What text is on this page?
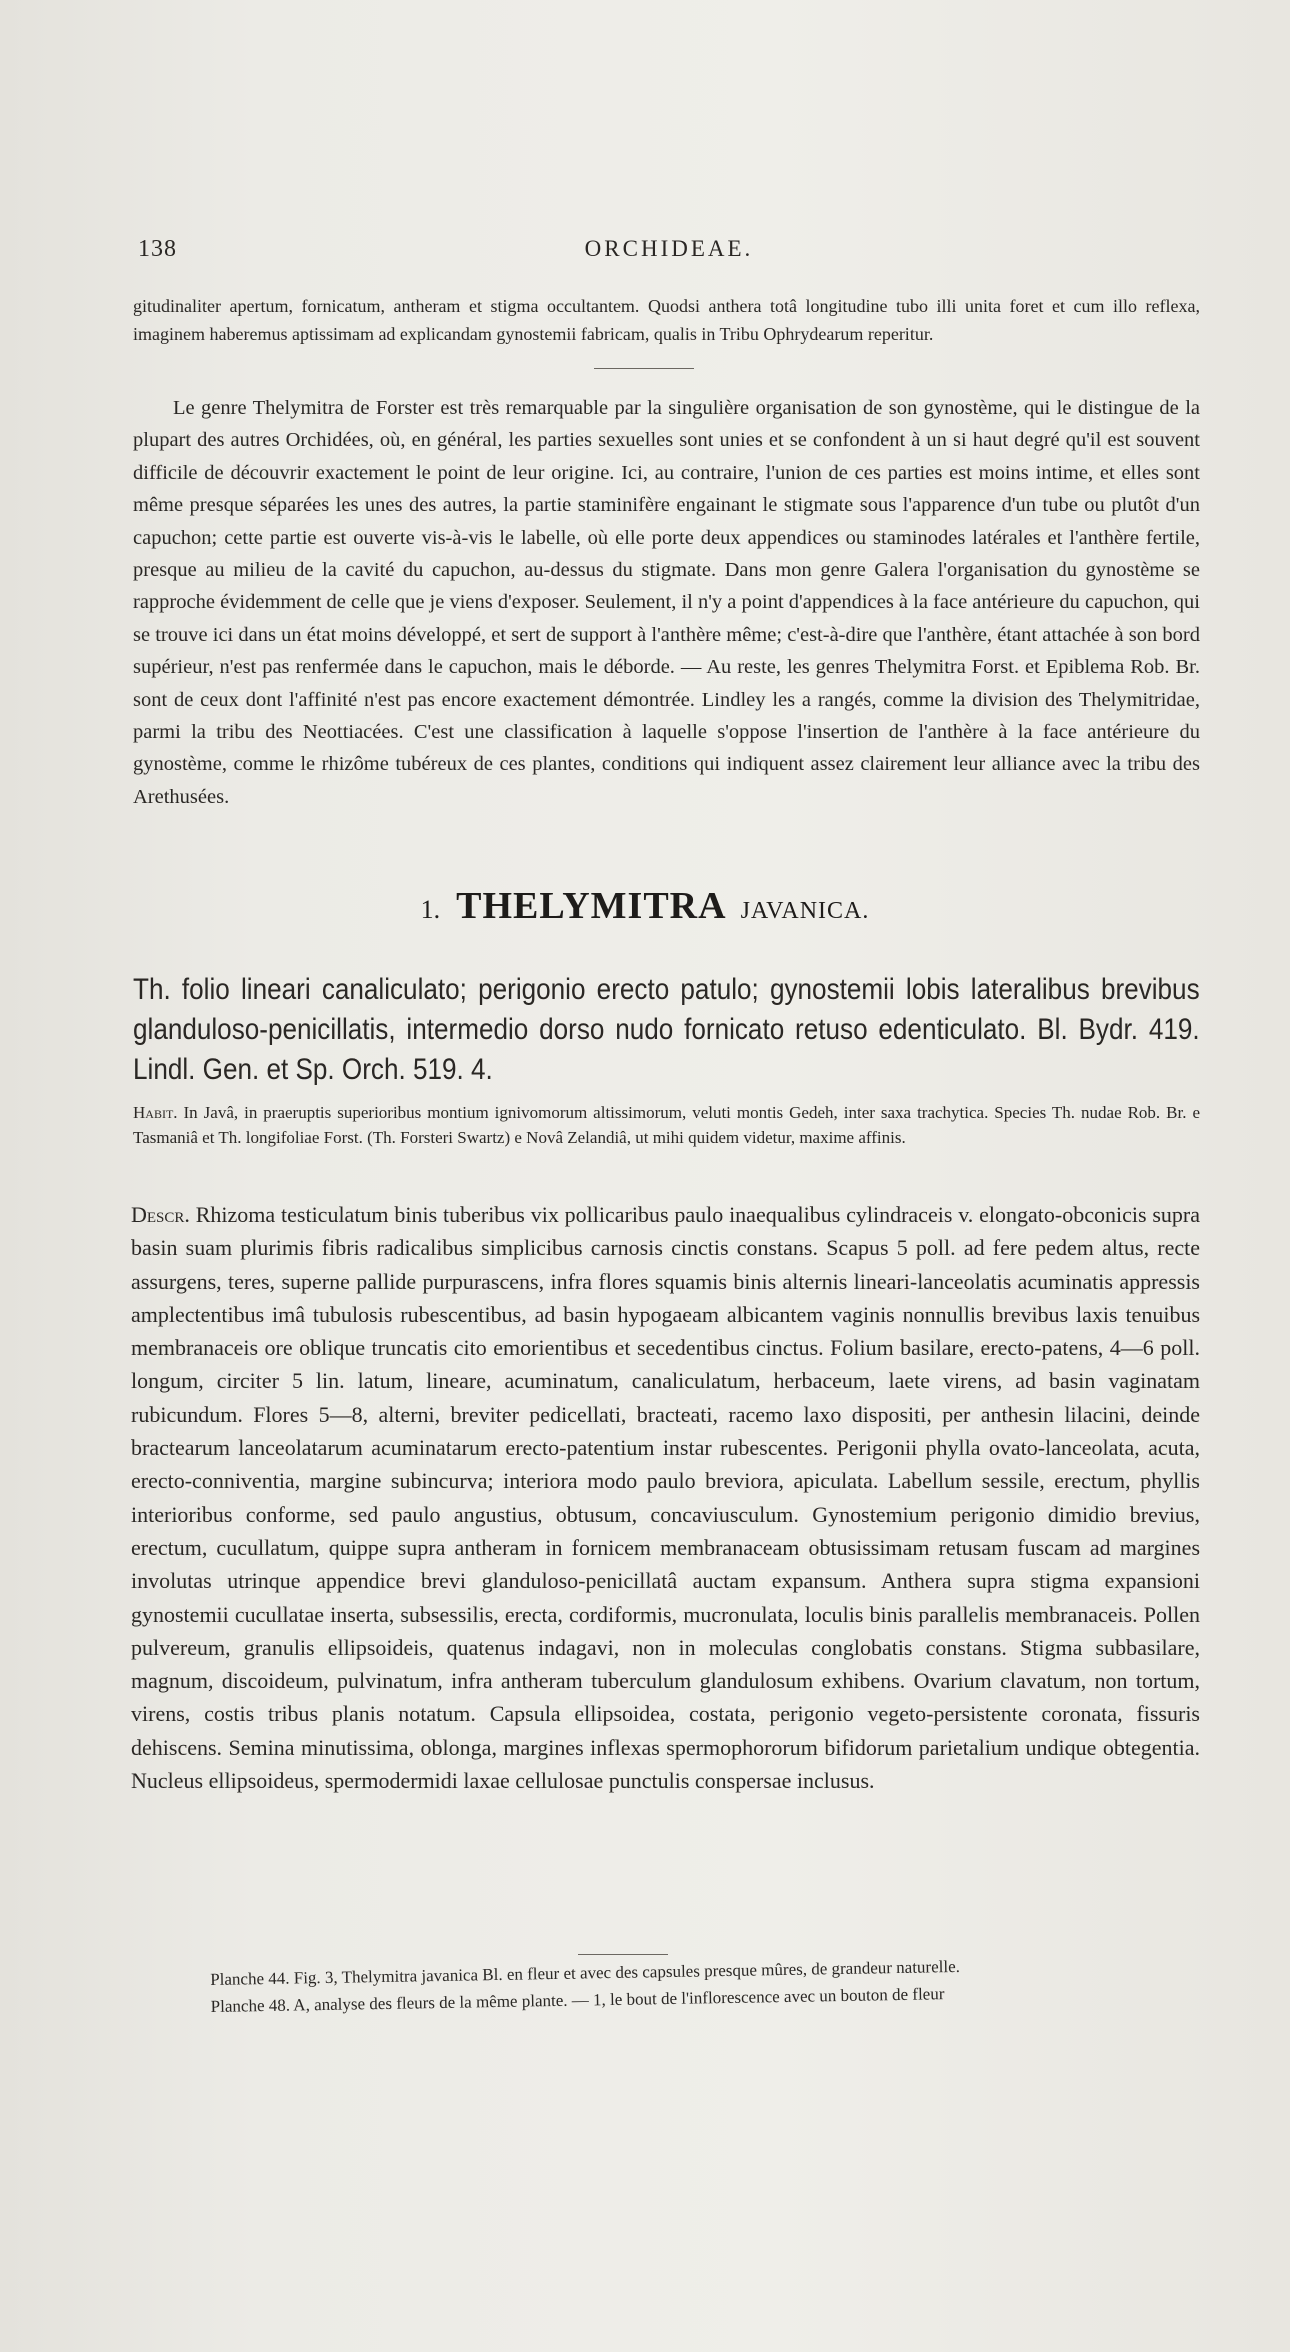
138	ORCHIDEAE.
gitudinaliter apertum, fornicatum, antheram et stigma occultantem. Quodsi anthera totâ longitudine tubo illi unita foret et cum illo reflexa, imaginem haberemus aptissimam ad explicandam gynostemii fabricam, qualis in Tribu Ophrydearum reperitur.

Le genre Thelymitra de Forster est très remarquable par la singulière organisation de son gynostème, qui le distingue de la plupart des autres Orchidées, où, en général, les parties sexuelles sont unies et se confondent à un si haut degré qu'il est souvent difficile de découvrir exactement le point de leur origine. Ici, au contraire, l'union de ces parties est moins intime, et elles sont même presque séparées les unes des autres, la partie staminifère engainant le stigmate sous l'apparence d'un tube ou plutôt d'un capuchon; cette partie est ouverte vis-à-vis le labelle, où elle porte deux appendices ou staminodes latérales et l'anthère fertile, presque au milieu de la cavité du capuchon, au-dessus du stigmate. Dans mon genre Galera l'organisation du gynostème se rapproche évidemment de celle que je viens d'exposer. Seulement, il n'y a point d'appendices à la face antérieure du capuchon, qui se trouve ici dans un état moins développé, et sert de support à l'anthère même; c'est-à-dire que l'anthère, étant attachée à son bord supérieur, n'est pas renfermée dans le capuchon, mais le déborde. — Au reste, les genres Thelymitra Forst. et Epiblema Rob. Br. sont de ceux dont l'affinité n'est pas encore exactement démontrée. Lindley les a rangés, comme la division des Thelymitridae, parmi la tribu des Neottiacées. C'est une classification à laquelle s'oppose l'insertion de l'anthère à la face antérieure du gynostème, comme le rhizôme tubéreux de ces plantes, conditions qui indiquent assez clairement leur alliance avec la tribu des Arethusées.

1. THELYMITRA JAVANICA.
Th. folio lineari canaliculato; perigonio erecto patulo; gynostemii lobis lateralibus brevibus glanduloso-penicillatis, intermedio dorso nudo fornicato retuso edenticulato. Bl. Bydr. 419. Lindl. Gen. et Sp. Orch. 519. 4.
Habit. In Javâ, in praeruptis superioribus montium ignivomorum altissimorum, veluti montis Gedeh, inter saxa trachytica. Species Th. nudae Rob. Br. e Tasmaniâ et Th. longifoliae Forst. (Th. Forsteri Swartz) e Novâ Zelandiâ, ut mihi quidem videtur, maxime affinis.
Descr. Rhizoma testiculatum binis tuberibus vix pollicaribus paulo inaequalibus cylindraceis v. elongato-obconicis supra basin suam plurimis fibris radicalibus simplicibus carnosis cinctis constans. Scapus 5 poll. ad fere pedem altus, recte assurgens, teres, superne pallide purpurascens, infra flores squamis binis alternis lineari-lanceolatis acuminatis appressis amplectentibus imâ tubulosis rubescentibus, ad basin hypogaeam albicantem vaginis nonnullis brevibus laxis tenuibus membranaceis ore oblique truncatis cito emorientibus et secedentibus cinctus. Folium basilare, erecto-patens, 4—6 poll. longum, circiter 5 lin. latum, lineare, acuminatum, canaliculatum, herbaceum, laete virens, ad basin vaginatam rubicundum. Flores 5—8, alterni, breviter pedicellati, bracteati, racemo laxo dispositi, per anthesin lilacini, deinde bractearum lanceolatarum acuminatarum erecto-patentium instar rubescentes. Perigonii phylla ovato-lanceolata, acuta, erecto-conniventia, margine subincurva; interiora modo paulo breviora, apiculata. Labellum sessile, erectum, phyllis interioribus conforme, sed paulo angustius, obtusum, concaviusculum. Gynostemium perigonio dimidio brevius, erectum, cucullatum, quippe supra antheram in fornicem membranaceam obtusissimam retusam fuscam ad margines involutas utrinque appendice brevi glanduloso-penicillatâ auctam expansum. Anthera supra stigma expansioni gynostemii cucullatae inserta, subsessilis, erecta, cordiformis, mucronulata, loculis binis parallelis membranaceis. Pollen pulvereum, granulis ellipsoideis, quatenus indagavi, non in moleculas conglobatis constans. Stigma subbasilare, magnum, discoideum, pulvinatum, infra antheram tuberculum glandulosum exhibens. Ovarium clavatum, non tortum, virens, costis tribus planis notatum. Capsula ellipsoidea, costata, perigonio vegeto-persistente coronata, fissuris dehiscens. Semina minutissima, oblonga, margines inflexas spermophororum bifidorum parietalium undique obtegentia. Nucleus ellipsoideus, spermodermidi laxae cellulosae punctulis conspersae inclusus.
Planche 44. Fig. 3, Thelymitra javanica Bl. en fleur et avec des capsules presque mûres, de grandeur naturelle.
Planche 48. A, analyse des fleurs de la même plante. — 1, le bout de l'inflorescence avec un bouton de fleur
